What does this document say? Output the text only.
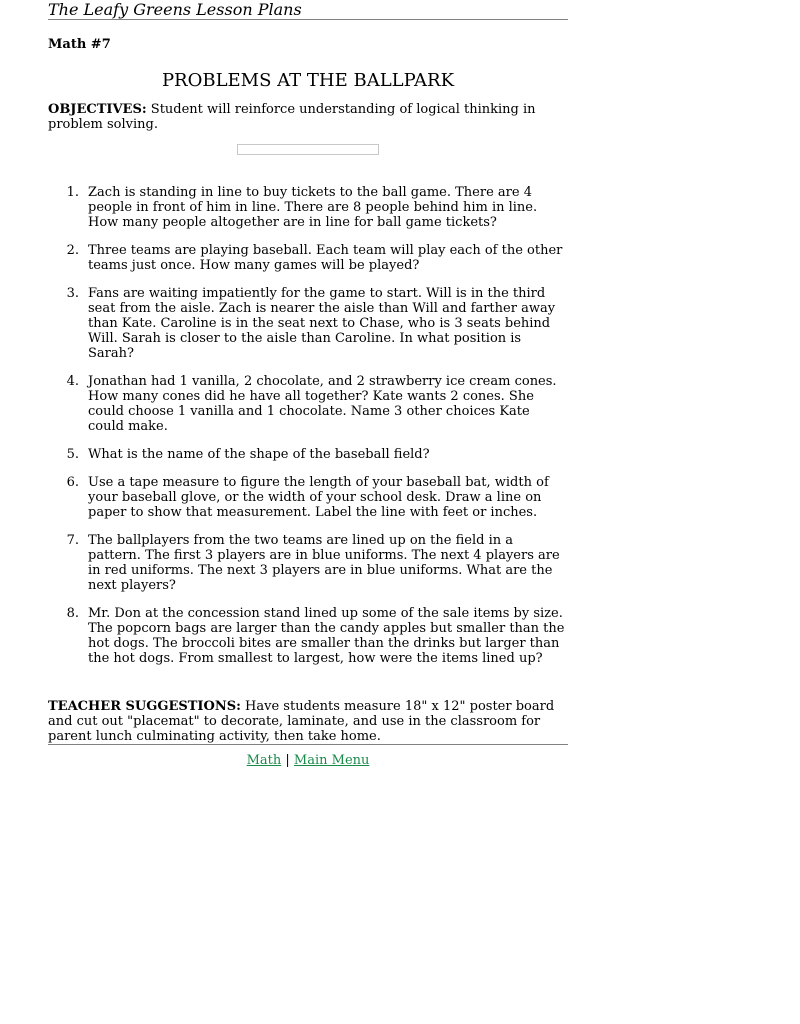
The Leafy Greens Lesson Plans
Math #7
PROBLEMS AT THE BALLPARK
OBJECTIVES: Student will reinforce understanding of logical thinking in problem solving.
1. Zach is standing in line to buy tickets to the ball game. There are 4 people in front of him in line. There are 8 people behind him in line. How many people altogether are in line for ball game tickets?
2. Three teams are playing baseball. Each team will play each of the other teams just once. How many games will be played?
3. Fans are waiting impatiently for the game to start. Will is in the third seat from the aisle. Zach is nearer the aisle than Will and farther away than Kate. Caroline is in the seat next to Chase, who is 3 seats behind Will. Sarah is closer to the aisle than Caroline. In what position is Sarah?
4. Jonathan had 1 vanilla, 2 chocolate, and 2 strawberry ice cream cones. How many cones did he have all together? Kate wants 2 cones. She could choose 1 vanilla and 1 chocolate. Name 3 other choices Kate could make.
5. What is the name of the shape of the baseball field?
6. Use a tape measure to figure the length of your baseball bat, width of your baseball glove, or the width of your school desk. Draw a line on paper to show that measurement. Label the line with feet or inches.
7. The ballplayers from the two teams are lined up on the field in a pattern. The first 3 players are in blue uniforms. The next 4 players are in red uniforms. The next 3 players are in blue uniforms. What are the next players?
8. Mr. Don at the concession stand lined up some of the sale items by size. The popcorn bags are larger than the candy apples but smaller than the hot dogs. The broccoli bites are smaller than the drinks but larger than the hot dogs. From smallest to largest, how were the items lined up?
TEACHER SUGGESTIONS: Have students measure 18" x 12" poster board and cut out "placemat" to decorate, laminate, and use in the classroom for parent lunch culminating activity, then take home.
Math | Main Menu
